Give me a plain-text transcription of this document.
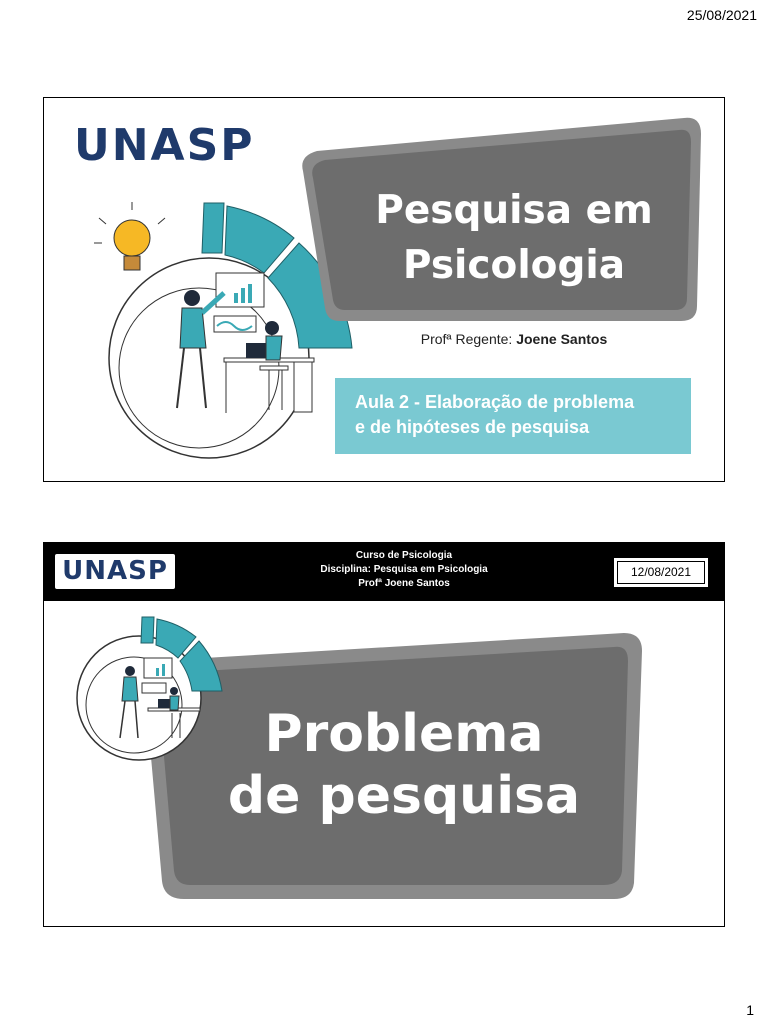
25/08/2021
UNASP
Pesquisa em
Psicologia
Profª Regente: Joene Santos
Aula 2 - Elaboração de problema
e de hipóteses de pesquisa
UNASP
Curso de Psicologia
Disciplina: Pesquisa em Psicologia
Profª Joene Santos
12/08/2021
Problema
de pesquisa
1
